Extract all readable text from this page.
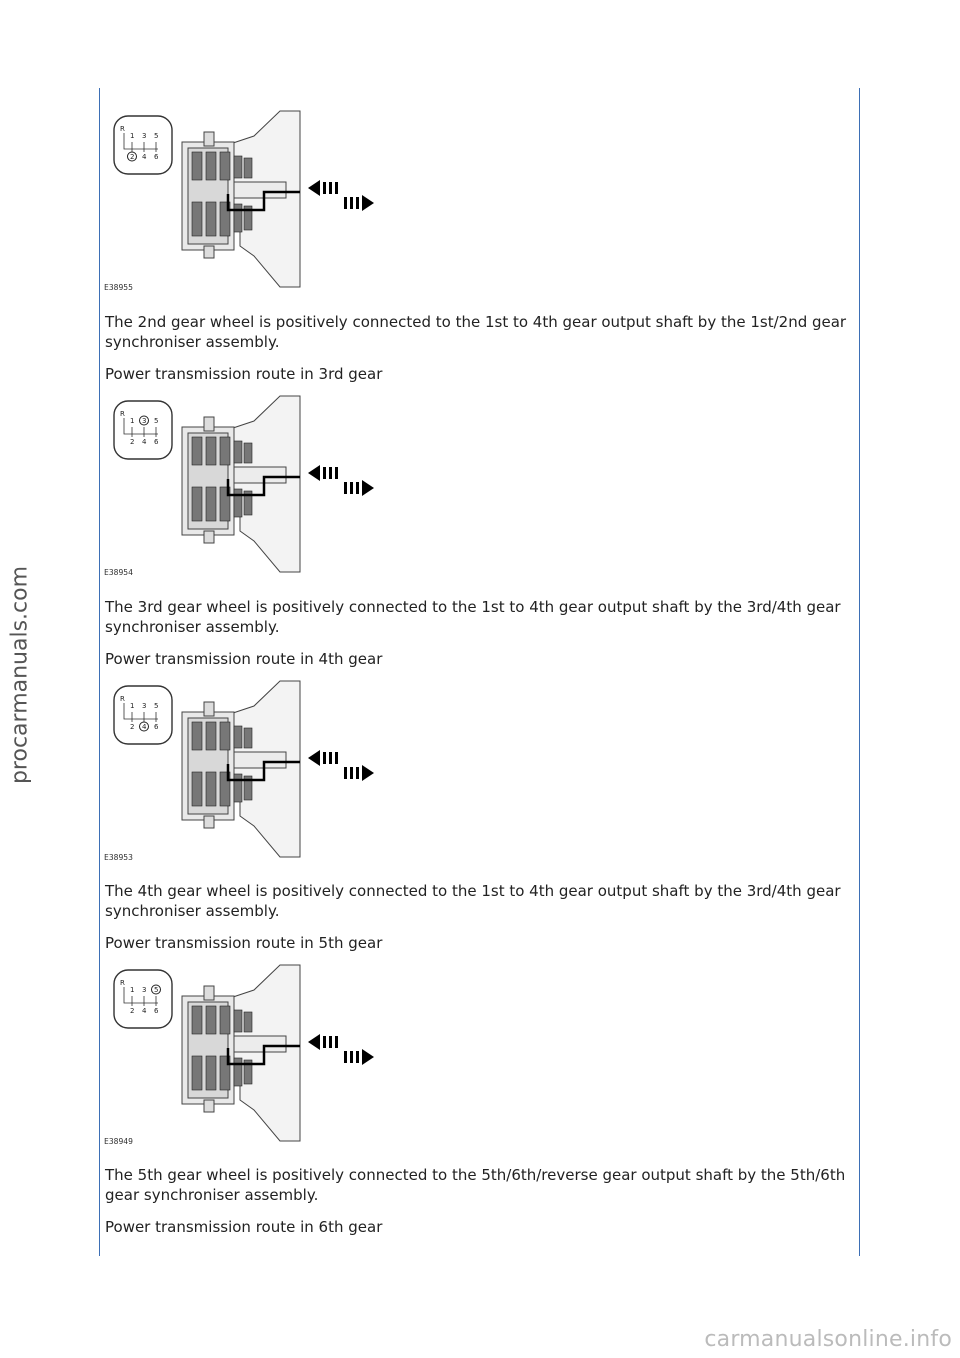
procarmanuals.com
carmanualsonline.info
R
1 3 5
2 4 6
E38955
R
1 3 5
2 4 6
E38954
R
1 3 5
2 4 6
E38953
R
1 3 5
2 4 6
E38949

The 2nd gear wheel is positively connected to the 1st to 4th gear output shaft by the 1st/2nd gear synchroniser assembly.

Power transmission route in 3rd gear

The 3rd gear wheel is positively connected to the 1st to 4th gear output shaft by the 3rd/4th gear synchroniser assembly.

Power transmission route in 4th gear

The 4th gear wheel is positively connected to the 1st to 4th gear output shaft by the 3rd/4th gear synchroniser assembly.

Power transmission route in 5th gear

The 5th gear wheel is positively connected to the 5th/6th/reverse gear output shaft by the 5th/6th gear synchroniser assembly.

Power transmission route in 6th gear
